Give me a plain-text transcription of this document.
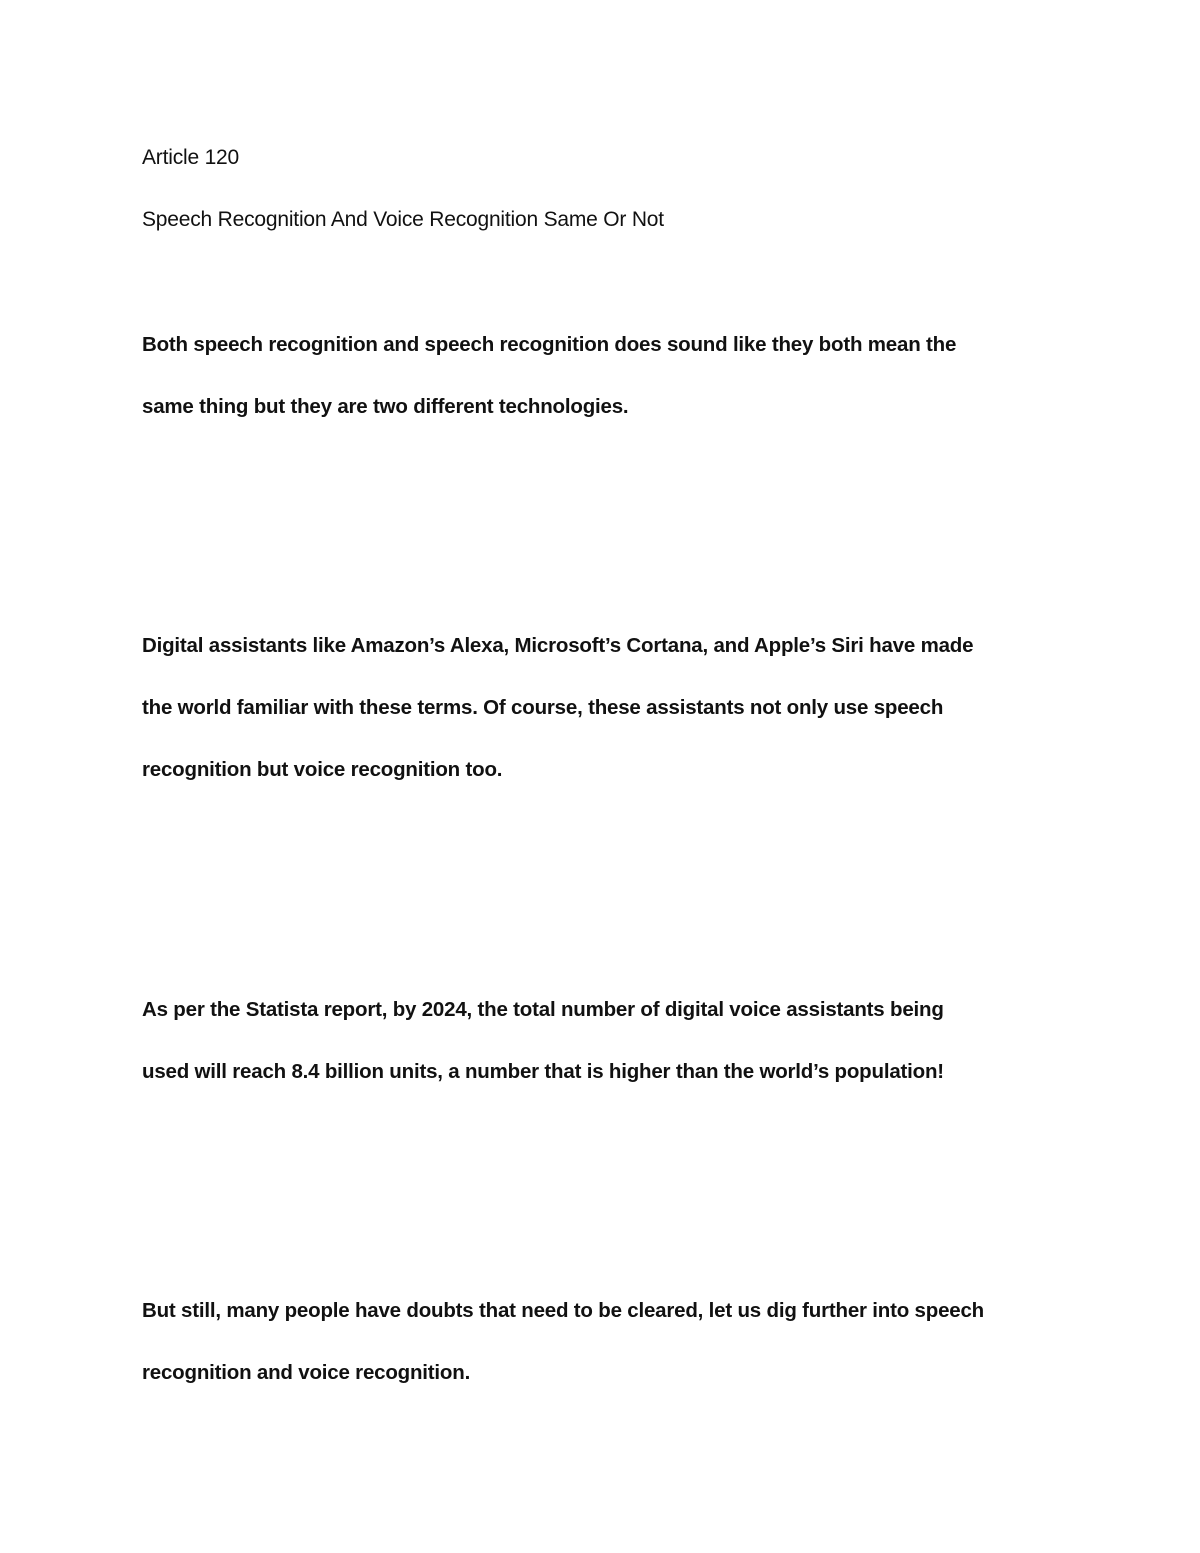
Article 120
Speech Recognition And Voice Recognition Same Or Not
Both speech recognition and speech recognition does sound like they both mean the
same thing but they are two different technologies.
Digital assistants like Amazon’s Alexa, Microsoft’s Cortana, and Apple’s Siri have made
the world familiar with these terms. Of course, these assistants not only use speech
recognition but voice recognition too.
As per the Statista report, by 2024, the total number of digital voice assistants being
used will reach 8.4 billion units, a number that is higher than the world’s population!
But still, many people have doubts that need to be cleared, let us dig further into speech
recognition and voice recognition.
